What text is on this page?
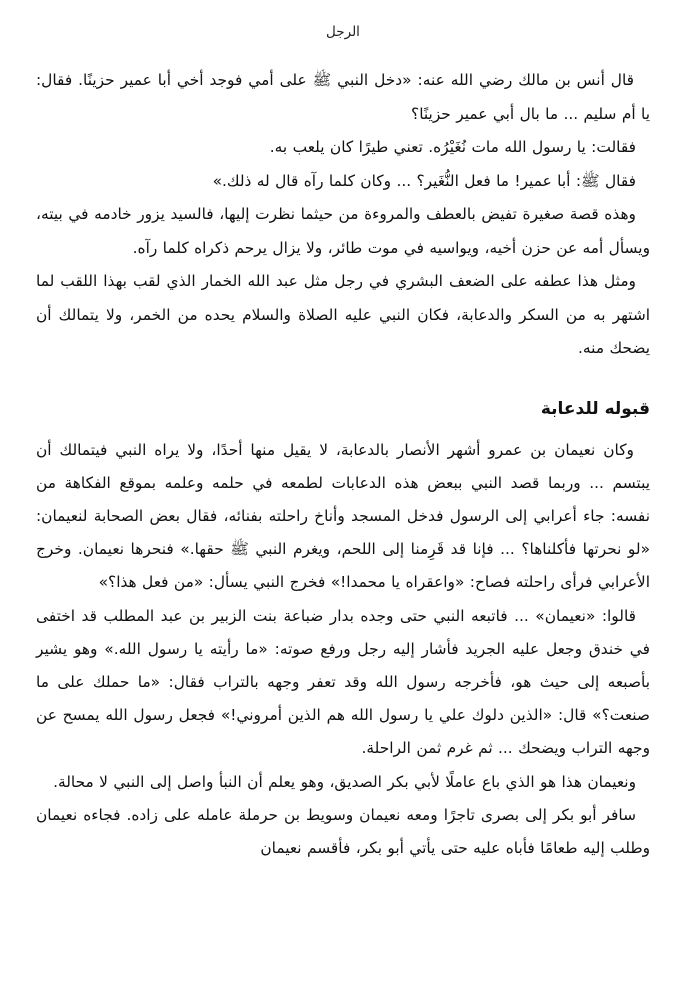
الرجل

قال أنس بن مالك رضي الله عنه: «دخل النبي ﷺ على أمي فوجد أخي أبا عمير حزينًا. فقال: يا أم سليم ... ما بال أبي عمير حزينًا؟

فقالت: يا رسول الله مات نُغَيْرُه. تعني طيرًا كان يلعب به.

فقال ﷺ: أبا عمير! ما فعل النُّغَير؟ ... وكان كلما رآه قال له ذلك.»

وهذه قصة صغيرة تفيض بالعطف والمروءة من حيثما نظرت إليها، فالسيد يزور خادمه في بيته، ويسأل أمه عن حزن أخيه، ويواسيه في موت طائر، ولا يزال يرحم ذكراه كلما رآه.

ومثل هذا عطفه على الضعف البشري في رجل مثل عبد الله الخمار الذي لقب بهذا اللقب لما اشتهر به من السكر والدعابة، فكان النبي عليه الصلاة والسلام يحده من الخمر، ولا يتمالك أن يضحك منه.

قبوله للدعابة

وكان نعيمان بن عمرو أشهر الأنصار بالدعابة، لا يقيل منها أحدًا، ولا يراه النبي فيتمالك أن يبتسم ... وربما قصد النبي ببعض هذه الدعابات لطمعه في حلمه وعلمه بموقع الفكاهة من نفسه: جاء أعرابي إلى الرسول فدخل المسجد وأناخ راحلته بفنائه، فقال بعض الصحابة لنعيمان: «لو نحرتها فأكلناها؟ ... فإنا قد قَرِمنا إلى اللحم، ويغرم النبي ﷺ حقها.» فنحرها نعيمان. وخرج الأعرابي فرأى راحلته فصاح: «واعقراه يا محمدا!» فخرج النبي يسأل: «من فعل هذا؟»

قالوا: «نعيمان» ... فاتبعه النبي حتى وجده بدار ضباعة بنت الزبير بن عبد المطلب قد اختفى في خندق وجعل عليه الجريد فأشار إليه رجل ورفع صوته: «ما رأيته يا رسول الله.» وهو يشير بأصبعه إلى حيث هو، فأخرجه رسول الله وقد تعفر وجهه بالتراب فقال: «ما حملك على ما صنعت؟» قال: «الذين دلوك علي يا رسول الله هم الذين أمروني!» فجعل رسول الله يمسح عن وجهه التراب ويضحك ... ثم غرم ثمن الراحلة.

ونعيمان هذا هو الذي باع عاملًا لأبي بكر الصديق، وهو يعلم أن النبأ واصل إلى النبي لا محالة.

سافر أبو بكر إلى بصرى تاجرًا ومعه نعيمان وسويط بن حرملة عامله على زاده. فجاءه نعيمان وطلب إليه طعامًا فأباه عليه حتى يأتي أبو بكر، فأقسم نعيمان
